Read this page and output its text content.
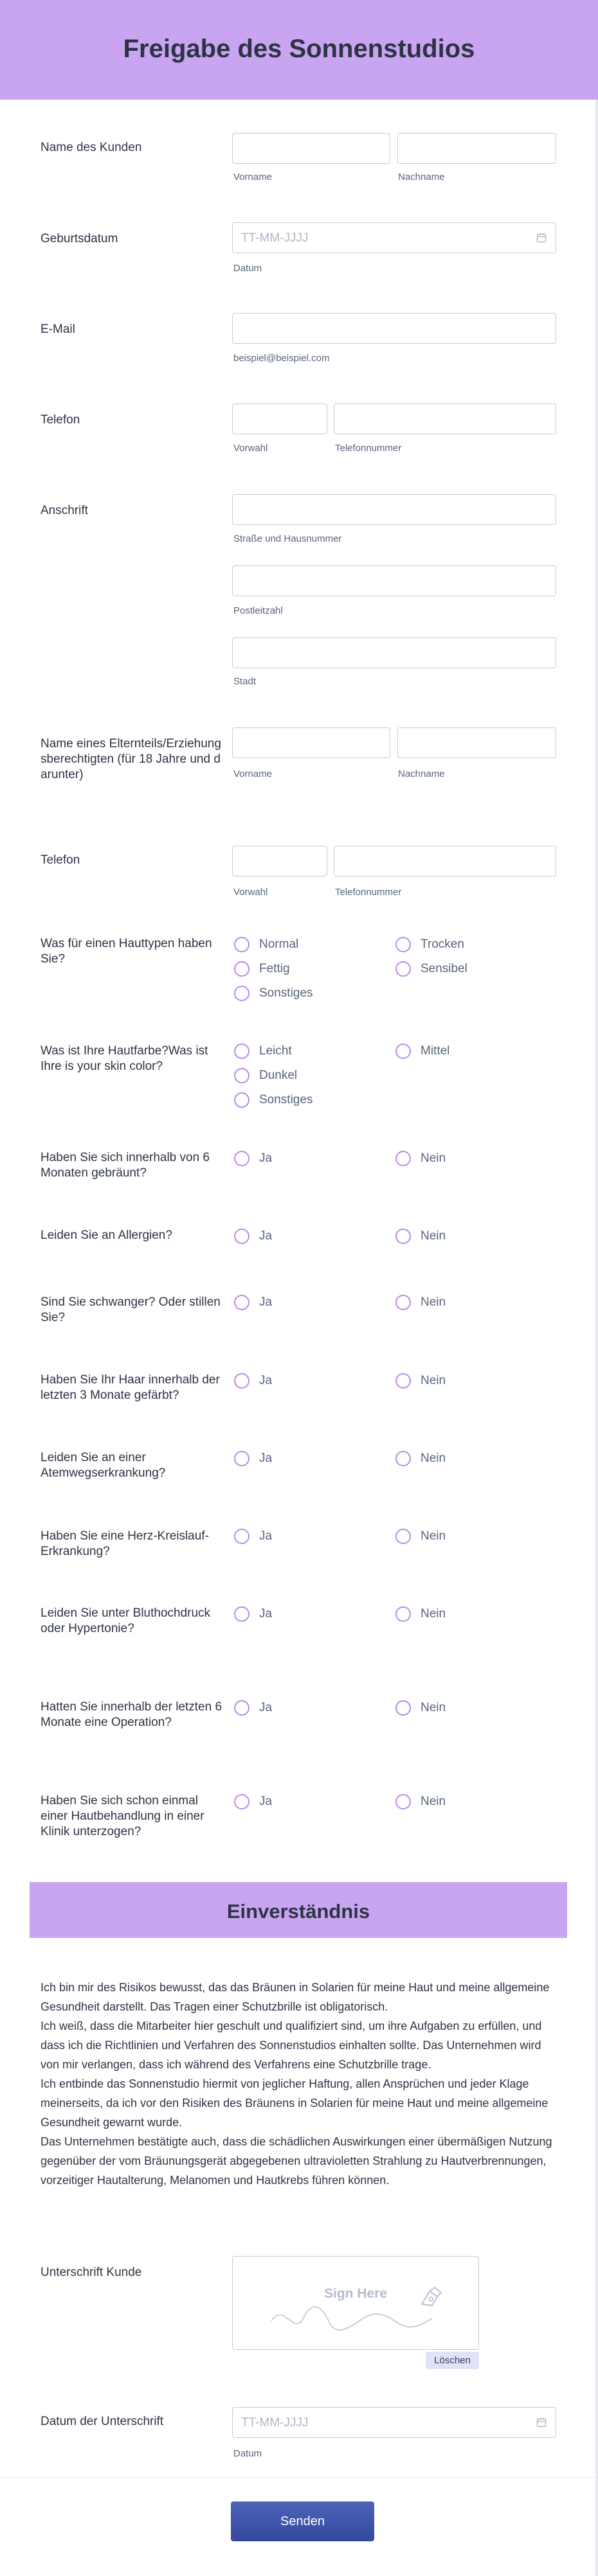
Freigabe des Sonnenstudios
Name des Kunden
Vorname	Nachname
Geburtsdatum	TT-MM-JJJJ
Datum
E-Mail
beispiel@beispiel.com
Telefon
Vorwahl	Telefonnummer
Anschrift
Straße und Hausnummer
Postleitzahl
Stadt
Name eines Elternteils/Erziehungsberechtigten (für 18 Jahre und darunter)	Vorname	Nachname
Telefon
Vorwahl	Telefonnummer
Was für einen Hauttypen haben Sie?
Normal	Trocken
Fettig	Sensibel
Sonstiges
Was ist Ihre Hautfarbe?Was ist Ihre is your skin color?
Leicht	Mittel
Dunkel
Sonstiges
Haben Sie sich innerhalb von 6 Monaten gebräunt?
Ja	Nein
Leiden Sie an Allergien?	Ja	Nein
Sind Sie schwanger? Oder stillen Sie?
Ja	Nein
Haben Sie Ihr Haar innerhalb der letzten 3 Monate gefärbt?
Ja	Nein
Leiden Sie an einer Atemwegserkrankung?
Ja	Nein
Haben Sie eine Herz-Kreislauf-Erkrankung?
Ja	Nein
Leiden Sie unter Bluthochdruck oder Hypertonie?
Ja	Nein
Hatten Sie innerhalb der letzten 6 Monate eine Operation?
Ja	Nein
Haben Sie sich schon einmal einer Hautbehandlung in einer Klinik unterzogen?
Ja	Nein
Einverständnis

Ich bin mir des Risikos bewusst, das das Bräunen in Solarien für meine Haut und meine allgemeine Gesundheit darstellt. Das Tragen einer Schutzbrille ist obligatorisch.

Ich weiß, dass die Mitarbeiter hier geschult und qualifiziert sind, um ihre Aufgaben zu erfüllen, und dass ich die Richtlinien und Verfahren des Sonnenstudios einhalten sollte. Das Unternehmen wird von mir verlangen, dass ich während des Verfahrens eine Schutzbrille trage.

Ich entbinde das Sonnenstudio hiermit von jeglicher Haftung, allen Ansprüchen und jeder Klage meinerseits, da ich vor den Risiken des Bräunens in Solarien für meine Haut und meine allgemeine Gesundheit gewarnt wurde.

Das Unternehmen bestätigte auch, dass die schädlichen Auswirkungen einer übermäßigen Nutzung gegenüber der vom Bräunungsgerät abgegebenen ultravioletten Strahlung zu Hautverbrennungen, vorzeitiger Hautalterung, Melanomen und Hautkrebs führen können.

Unterschrift Kunde
Sign Here
Löschen
Datum der Unterschrift	TT-MM-JJJJ
Datum
Senden
